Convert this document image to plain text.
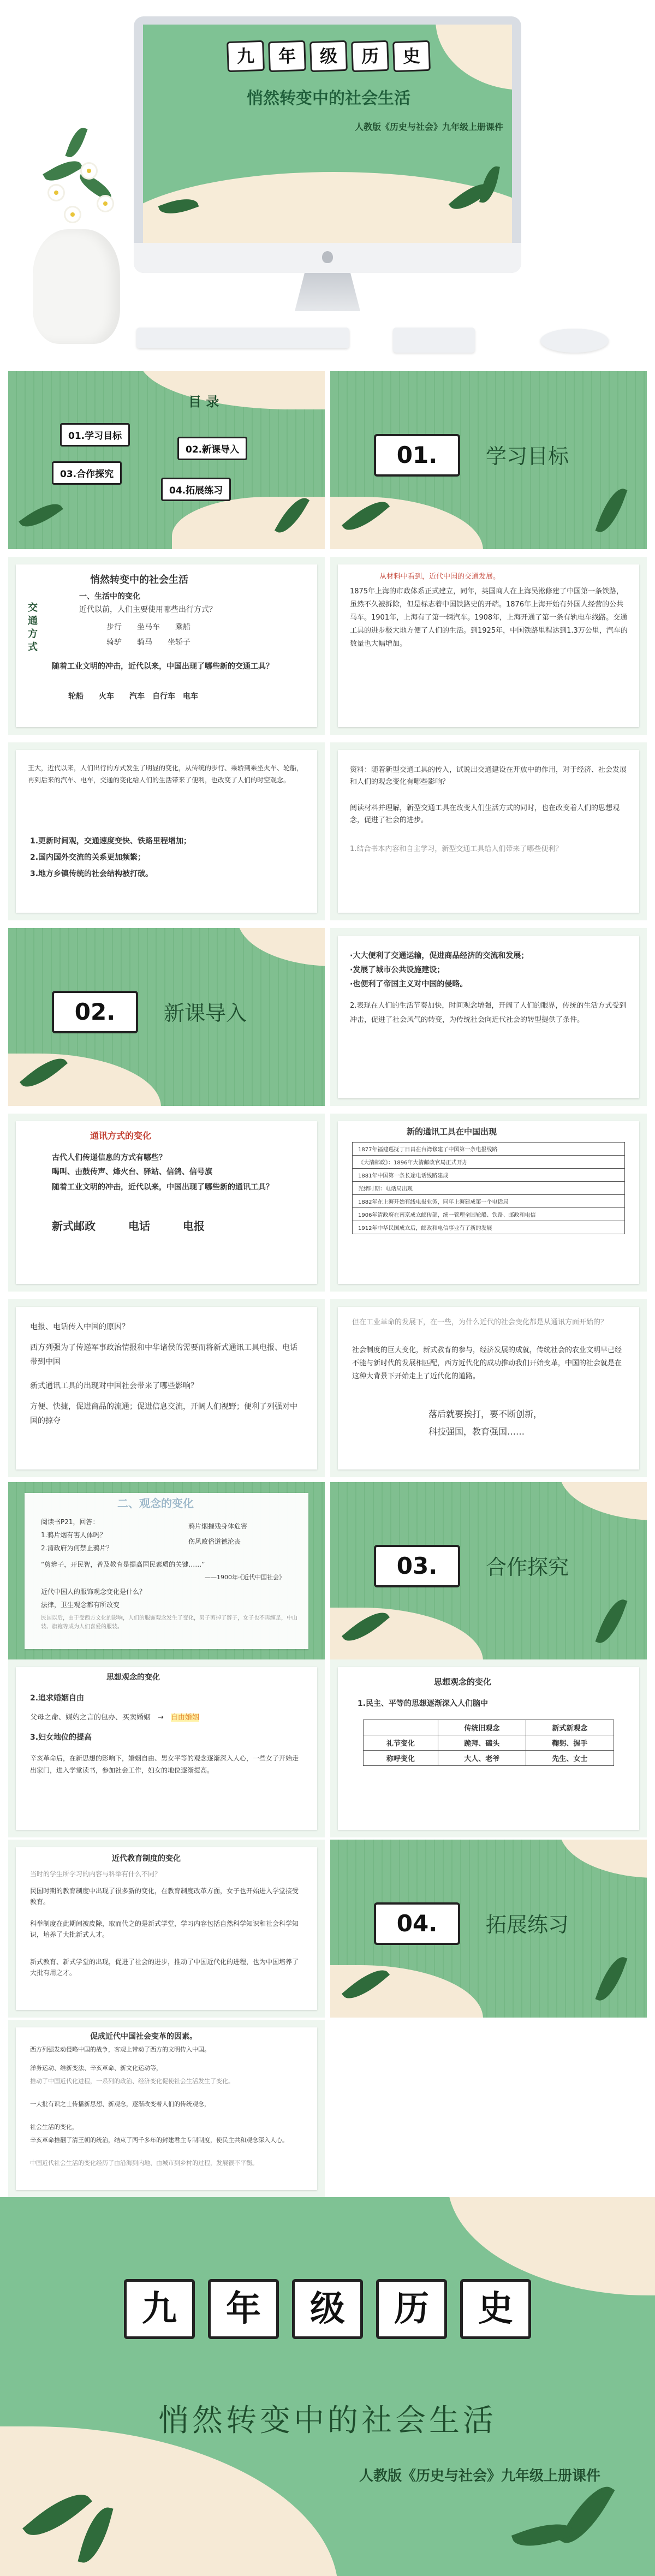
九 年 级 历 史
悄然转变中的社会生活
人教版《历史与社会》九年级上册课件
目 录
01.学习目标
02.新课导入
03.合作探究
04.拓展练习
01.	学习目标
悄然转变中的社会生活
一、生活中的变化
近代以前，人们主要使用哪些出行方式？
交通方式
步行　　 坐马车　　 乘船
骑驴　　 骑马　　 坐轿子
随着工业文明的冲击，近代以来，中国出现了哪些新的交通工具？
轮船　　 火车　　 汽车　 自行车　 电车
从材料中看到，近代中国的交通发展。
1875年上海的市政体系正式建立，同年，英国商人在上海吴淞修建了中国第一条铁路，虽然不久被拆除，但是标志着中国铁路史的开端。1876年上海开始有外国人经营的公共马车。1901年，上海有了第一辆汽车。1908年，上海开通了第一条有轨电车线路。交通工具的进步极大地方便了人们的生活。到1925年，中国铁路里程达到1.3万公里，汽车的数量也大幅增加。
王大，近代以来，人们出行的方式发生了明显的变化，从传统的步行、乘轿到乘坐火车、轮船，再到后来的汽车、电车，交通的变化给人们的生活带来了便利，也改变了人们的时空观念。
1.更新时间观，交通速度变快、铁路里程增加；
2.国内国外交流的关系更加频繁；
3.地方乡镇传统的社会结构被打破。
资料：随着新型交通工具的传入，试说出交通建设在开放中的作用，对于经济、社会发展和人们的观念变化有哪些影响？
阅读材料并理解，新型交通工具在改变人们生活方式的同时，也在改变着人们的思想观念，促进了社会的进步。
1.结合书本内容和自主学习，新型交通工具给人们带来了哪些便利？
02.	新课导入
·大大便利了交通运输，促进商品经济的交流和发展；
·发展了城市公共设施建设；
·也便利了帝国主义对中国的侵略。
2.表现在人们的生活节奏加快，时间观念增强，开阔了人们的眼界，传统的生活方式受到冲击，促进了社会风气的转变，为传统社会向近代社会的转型提供了条件。
通讯方式的变化
古代人们传递信息的方式有哪些？
喝叫、击鼓传声、烽火台、驿站、信鸽、信号旗
随着工业文明的冲击，近代以来，中国出现了哪些新的通讯工具？
新式邮政　　　	电话　　　	电报
新的通讯工具在中国出现
1877年福建巡抚丁日昌在台湾修建了中国第一条电报线路
《大清邮政》：1896年大清邮政官局正式开办
1881年中国第一条长途电话线路建成
光绪时期：电话局出现
1882年在上海开始有线电报业务，同年上海建成第一个电话局
1906年清政府在南京成立邮传部，统一管理全国轮船、铁路、邮政和电信
1912年中华民国成立后，邮政和电信事业有了新的发展
电报、电话传入中国的原因？
西方列强为了传递军事政治情报和中华诸侯的需要而将新式通讯工具电报、电话带到中国
新式通讯工具的出现对中国社会带来了哪些影响？
方便、快捷，促进商品的流通；促进信息交流，开阔人们视野；便利了列强对中国的掠夺
但在工业革命的发展下，在一些，为什么近代的社会变化都是从通讯方面开始的？
社会制度的巨大变化，新式教育的参与，经济发展的成就，传统社会的农业文明早已经不能与新时代的发展相匹配，西方近代化的成功推动我们开始变革，中国的社会就是在这种大背景下开始走上了近代化的道路。
落后就要挨打，要不断创新，
科技强国，教育强国……
二、观念的变化
阅读书P21，回答：
1.鸦片烟有害人体吗？
2.清政府为何禁止鸦片？
鸦片烟摧残身体危害
伤风败俗道德沦丧
“剪辫子，开民智，普及教育是提高国民素质的关键……”
——1900年·《近代中国社会》
近代中国人的服饰观念变化是什么？
法律，卫生观念都有所改变
民国以后，由于受西方文化的影响，人们的服饰观念发生了变化，男子剪掉了辫子，女子也不再缠足，中山装、旗袍等成为人们喜爱的服装。
03.	合作探究
思想观念的变化
2.追求婚姻自由
父母之命、媒妁之言的包办、买卖婚姻　→　自由婚姻
3.妇女地位的提高
辛亥革命后，在新思想的影响下，婚姻自由、男女平等的观念逐渐深入人心，一些女子开始走出家门，进入学堂读书，参加社会工作，妇女的地位逐渐提高。
思想观念的变化
1.民主、平等的思想逐渐深入人们脑中
	传统旧观念	新式新观念
礼节变化	跪拜、磕头	鞠躬、握手
称呼变化	大人、老爷	先生、女士
近代教育制度的变化
当时的学生所学习的内容与科举有什么不同？
民国时期的教育制度中出现了很多新的变化，在教育制度改革方面，女子也开始进入学堂接受教育。
科举制度在此期间被废除，取而代之的是新式学堂，学习内容包括自然科学知识和社会科学知识，培养了大批新式人才。
新式教育、新式学堂的出现，促进了社会的进步，推动了中国近代化的进程，也为中国培养了大批有用之才。
04.	拓展练习
促成近代中国社会变革的因素。
西方列强发动侵略中国的战争，客观上带动了西方的文明传入中国。
洋务运动、维新变法、辛亥革命、新文化运动等，
推动了中国近代化进程，一系列的政治、经济变化促使社会生活发生了变化。
一大批有识之士传播新思想、新观念，逐渐改变着人们的传统观念，
社会生活的变化，
辛亥革命推翻了清王朝的统治，结束了两千多年的封建君主专制制度，使民主共和观念深入人心。
中国近代社会生活的变化经历了由沿海到内地、由城市到乡村的过程，发展很不平衡。
九 年 级 历 史
悄然转变中的社会生活
人教版《历史与社会》九年级上册课件
